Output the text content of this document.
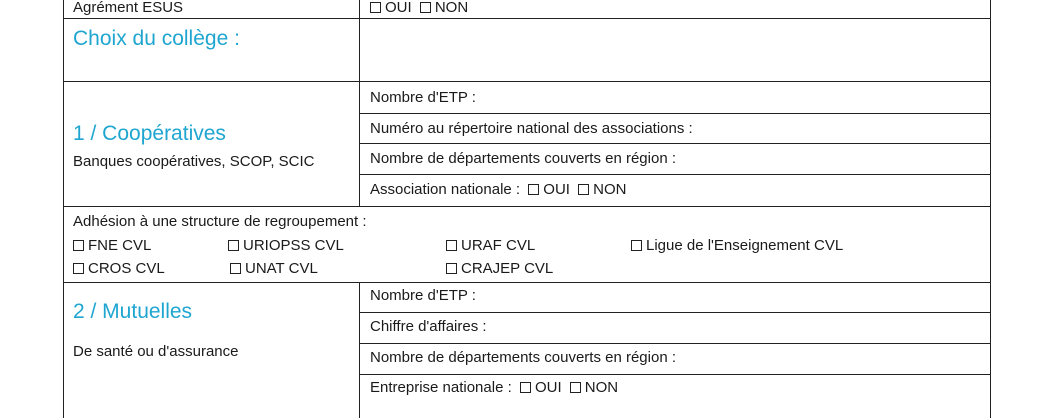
Agrément ESUS	OUI NON
Choix du collège :
1 / Coopératives
Banques coopératives, SCOP, SCIC
Nombre d'ETP :
Numéro au répertoire national des associations :
Nombre de départements couverts en région :
Association nationale : OUI NON
Adhésion à une structure de regroupement :
FNE CVL	URIOPSS CVL	URAF CVL	Ligue de l'Enseignement CVL
CROS CVL	UNAT CVL	CRAJEP CVL
2 / Mutuelles
De santé ou d'assurance
Nombre d'ETP :
Chiffre d'affaires :
Nombre de départements couverts en région :
Entreprise nationale : OUI NON
